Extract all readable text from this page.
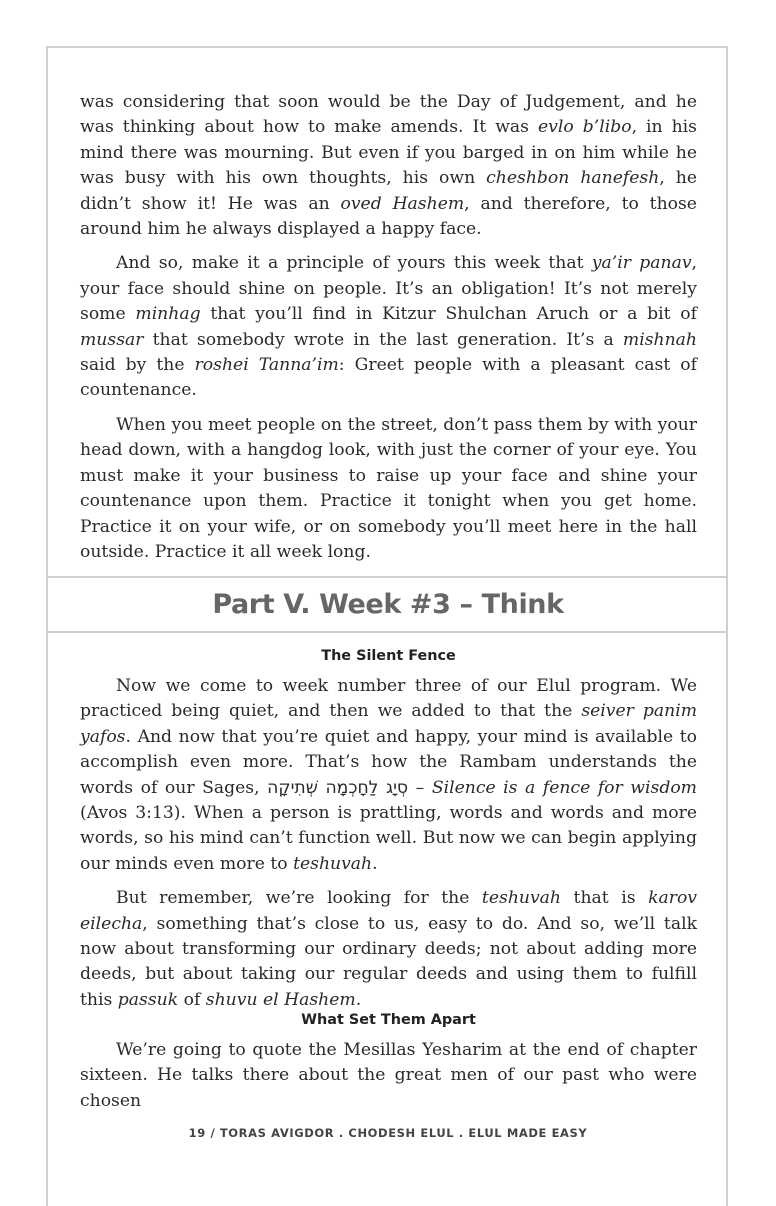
was considering that soon would be the Day of Judgement, and he was thinking about how to make amends. It was evlo b’libo, in his mind there was mourning. But even if you barged in on him while he was busy with his own thoughts, his own cheshbon hanefesh, he didn’t show it! He was an oved Hashem, and therefore, to those around him he always displayed a happy face.

And so, make it a principle of yours this week that ya’ir panav, your face should shine on people. It’s an obligation! It’s not merely some minhag that you’ll find in Kitzur Shulchan Aruch or a bit of mussar that somebody wrote in the last generation. It’s a mishnah said by the roshei Tanna’im: Greet people with a pleasant cast of countenance.

When you meet people on the street, don’t pass them by with your head down, with a hangdog look, with just the corner of your eye. You must make it your business to raise up your face and shine your countenance upon them. Practice it tonight when you get home. Practice it on your wife, or on somebody you’ll meet here in the hall outside. Practice it all week long.

Part V. Week #3 – Think
The Silent Fence

Now we come to week number three of our Elul program. We practiced being quiet, and then we added to that the seiver panim yafos. And now that you’re quiet and happy, your mind is available to accomplish even more. That’s how the Rambam understands the words of our Sages, סְיָג לַחָכְמָה שְׁתִיקָה – Silence is a fence for wisdom (Avos 3:13). When a person is prattling, words and words and more words, so his mind can’t function well. But now we can begin applying our minds even more to teshuvah.

But remember, we’re looking for the teshuvah that is karov eilecha, something that’s close to us, easy to do. And so, we’ll talk now about transforming our ordinary deeds; not about adding more deeds, but about taking our regular deeds and using them to fulfill this passuk of shuvu el Hashem.

What Set Them Apart

We’re going to quote the Mesillas Yesharim at the end of chapter sixteen. He talks there about the great men of our past who were chosen

19 / TORAS AVIGDOR . CHODESH ELUL . ELUL MADE EASY
